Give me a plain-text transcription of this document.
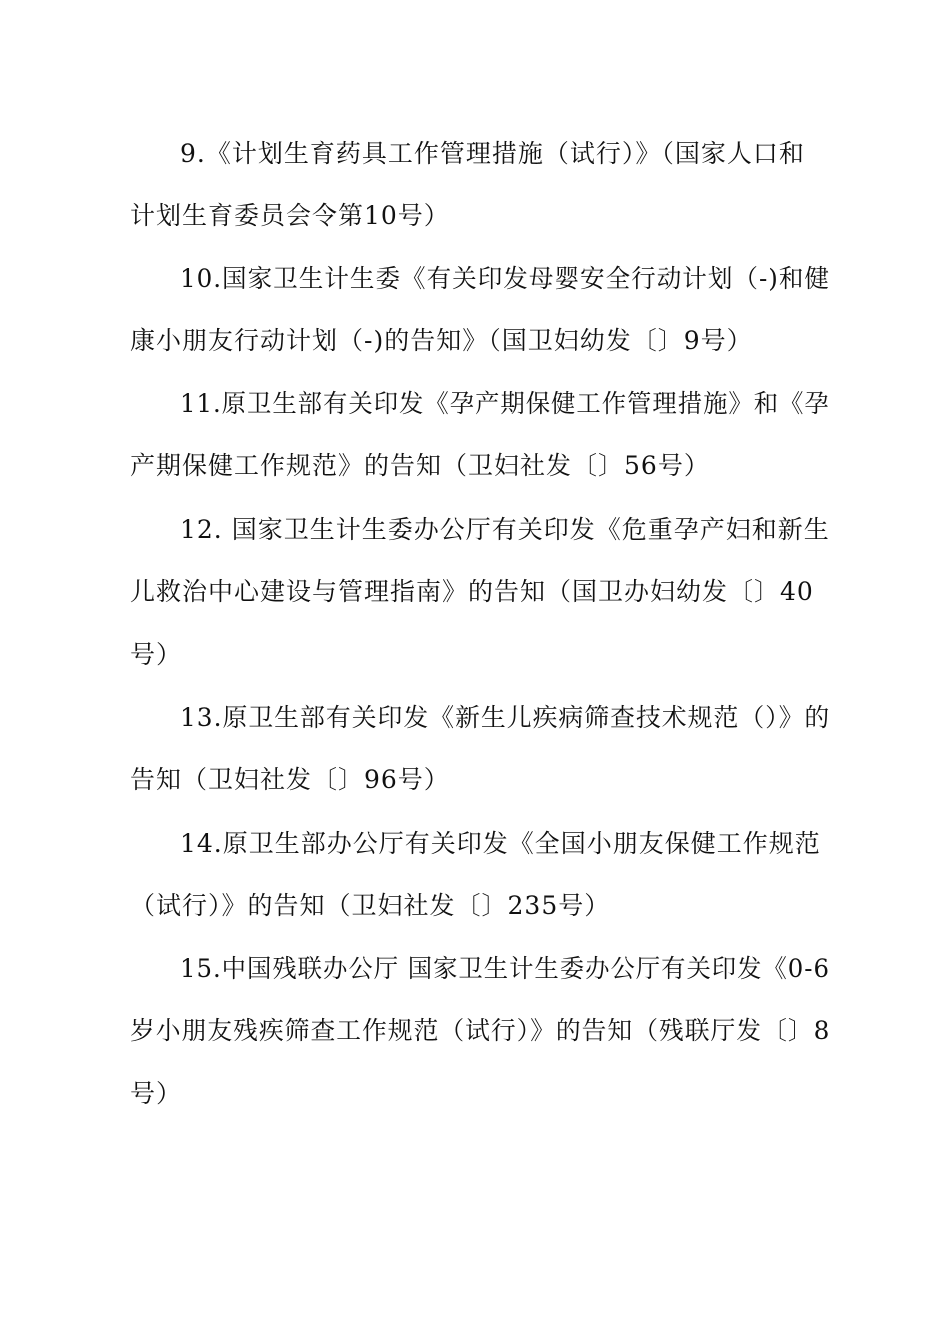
9.《计划生育药具工作管理措施（试行）》（国家人口和
计划生育委员会令第10号）
10.国家卫生计生委《有关印发母婴安全行动计划（-)和健
康小朋友行动计划（-)的告知》（国卫妇幼发〔〕9号）
11.原卫生部有关印发《孕产期保健工作管理措施》和《孕
产期保健工作规范》的告知（卫妇社发〔〕56号）
12. 国家卫生计生委办公厅有关印发《危重孕产妇和新生
儿救治中心建设与管理指南》的告知（国卫办妇幼发〔〕40
号）
13.原卫生部有关印发《新生儿疾病筛查技术规范（）》的
告知（卫妇社发〔〕96号）
14.原卫生部办公厅有关印发《全国小朋友保健工作规范
（试行）》的告知（卫妇社发〔〕235号）
15.中国残联办公厅 国家卫生计生委办公厅有关印发《0-6
岁小朋友残疾筛查工作规范（试行）》的告知（残联厅发〔〕8
号）
